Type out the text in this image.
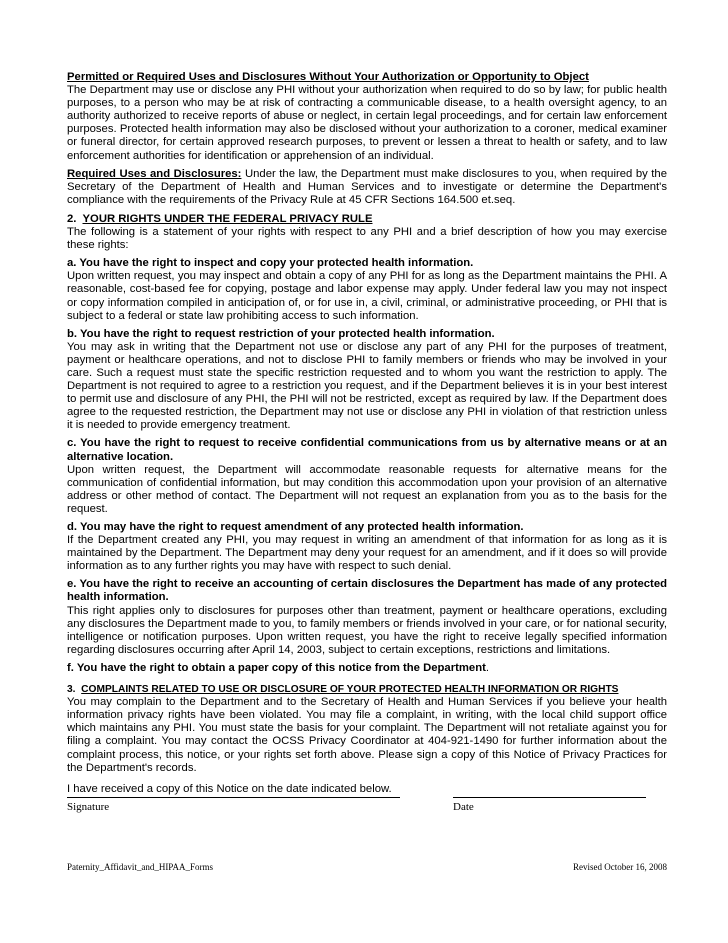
Permitted or Required Uses and Disclosures Without Your Authorization or Opportunity to Object

The Department may use or disclose any PHI without your authorization when required to do so by law; for public health purposes, to a person who may be at risk of contracting a communicable disease, to a health oversight agency, to an authority authorized to receive reports of abuse or neglect, in certain legal proceedings, and for certain law enforcement purposes. Protected health information may also be disclosed without your authorization to a coroner, medical examiner or funeral director, for certain approved research purposes, to prevent or lessen a threat to health or safety, and to law enforcement authorities for identification or apprehension of an individual.

Required Uses and Disclosures: Under the law, the Department must make disclosures to you, when required by the Secretary of the Department of Health and Human Services and to investigate or determine the Department's compliance with the requirements of the Privacy Rule at 45 CFR Sections 164.500 et.seq.

2. YOUR RIGHTS UNDER THE FEDERAL PRIVACY RULE

The following is a statement of your rights with respect to any PHI and a brief description of how you may exercise these rights:

a. You have the right to inspect and copy your protected health information.

Upon written request, you may inspect and obtain a copy of any PHI for as long as the Department maintains the PHI. A reasonable, cost-based fee for copying, postage and labor expense may apply. Under federal law you may not inspect or copy information compiled in anticipation of, or for use in, a civil, criminal, or administrative proceeding, or PHI that is subject to a federal or state law prohibiting access to such information.

b. You have the right to request restriction of your protected health information.

You may ask in writing that the Department not use or disclose any part of any PHI for the purposes of treatment, payment or healthcare operations, and not to disclose PHI to family members or friends who may be involved in your care. Such a request must state the specific restriction requested and to whom you want the restriction to apply. The Department is not required to agree to a restriction you request, and if the Department believes it is in your best interest to permit use and disclosure of any PHI, the PHI will not be restricted, except as required by law. If the Department does agree to the requested restriction, the Department may not use or disclose any PHI in violation of that restriction unless it is needed to provide emergency treatment.

c. You have the right to request to receive confidential communications from us by alternative means or at an alternative location.

Upon written request, the Department will accommodate reasonable requests for alternative means for the communication of confidential information, but may condition this accommodation upon your provision of an alternative address or other method of contact. The Department will not request an explanation from you as to the basis for the request.

d. You may have the right to request amendment of any protected health information.

If the Department created any PHI, you may request in writing an amendment of that information for as long as it is maintained by the Department. The Department may deny your request for an amendment, and if it does so will provide information as to any further rights you may have with respect to such denial.

e. You have the right to receive an accounting of certain disclosures the Department has made of any protected health information.

This right applies only to disclosures for purposes other than treatment, payment or healthcare operations, excluding any disclosures the Department made to you, to family members or friends involved in your care, or for national security, intelligence or notification purposes. Upon written request, you have the right to receive legally specified information regarding disclosures occurring after April 14, 2003, subject to certain exceptions, restrictions and limitations.

f. You have the right to obtain a paper copy of this notice from the Department.

3. COMPLAINTS RELATED TO USE OR DISCLOSURE OF YOUR PROTECTED HEALTH INFORMATION OR RIGHTS

You may complain to the Department and to the Secretary of Health and Human Services if you believe your health information privacy rights have been violated. You may file a complaint, in writing, with the local child support office which maintains any PHI. You must state the basis for your complaint. The Department will not retaliate against you for filing a complaint. You may contact the OCSS Privacy Coordinator at 404-921-1490 for further information about the complaint process, this notice, or your rights set forth above. Please sign a copy of this Notice of Privacy Practices for the Department's records.

I have received a copy of this Notice on the date indicated below.

Signature	Date
Paternity_Affidavit_and_HIPAA_Forms	Revised October 16, 2008
